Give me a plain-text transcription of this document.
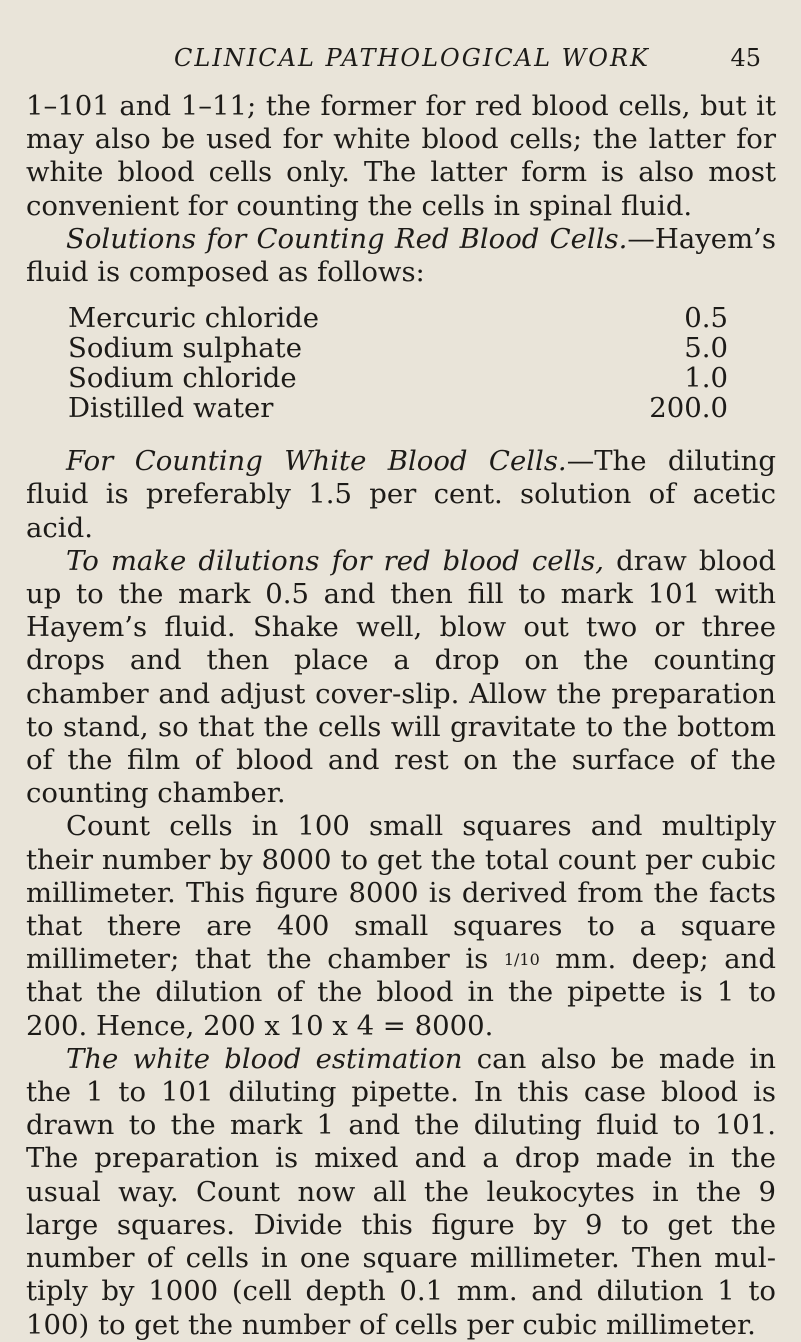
CLINICAL PATHOLOGICAL WORK	45

1–101 and 1–11; the former for red blood cells, but it may also be used for white blood cells; the latter for white blood cells only. The latter form is also most convenient for counting the cells in spinal fluid.

Solutions for Counting Red Blood Cells.—Hayem’s fluid is composed as follows:

Mercuric chloride	0.5
Sodium sulphate	5.0
Sodium chloride	1.0
Distilled water	200.0

For Counting White Blood Cells.—The diluting fluid is preferably 1.5 per cent. solution of acetic acid.

To make dilutions for red blood cells, draw blood up to the mark 0.5 and then fill to mark 101 with Hayem’s fluid. Shake well, blow out two or three drops and then place a drop on the counting chamber and adjust cover-slip. Allow the preparation to stand, so that the cells will gravitate to the bottom of the film of blood and rest on the surface of the counting chamber.

Count cells in 100 small squares and multiply their number by 8000 to get the total count per cubic millimeter. This figure 8000 is derived from the facts that there are 400 small squares to a square millimeter; that the chamber is 1/10 mm. deep; and that the dilution of the blood in the pipette is 1 to 200. Hence, 200 x 10 x 4 = 8000.

The white blood estimation can also be made in the 1 to 101 diluting pipette. In this case blood is drawn to the mark 1 and the diluting fluid to 101. The preparation is mixed and a drop made in the usual way. Count now all the leukocytes in the 9 large squares. Divide this figure by 9 to get the number of cells in one square millimeter. Then multiply by 1000 (cell depth 0.1 mm. and dilution 1 to 100) to get the number of cells per cubic millimeter.
